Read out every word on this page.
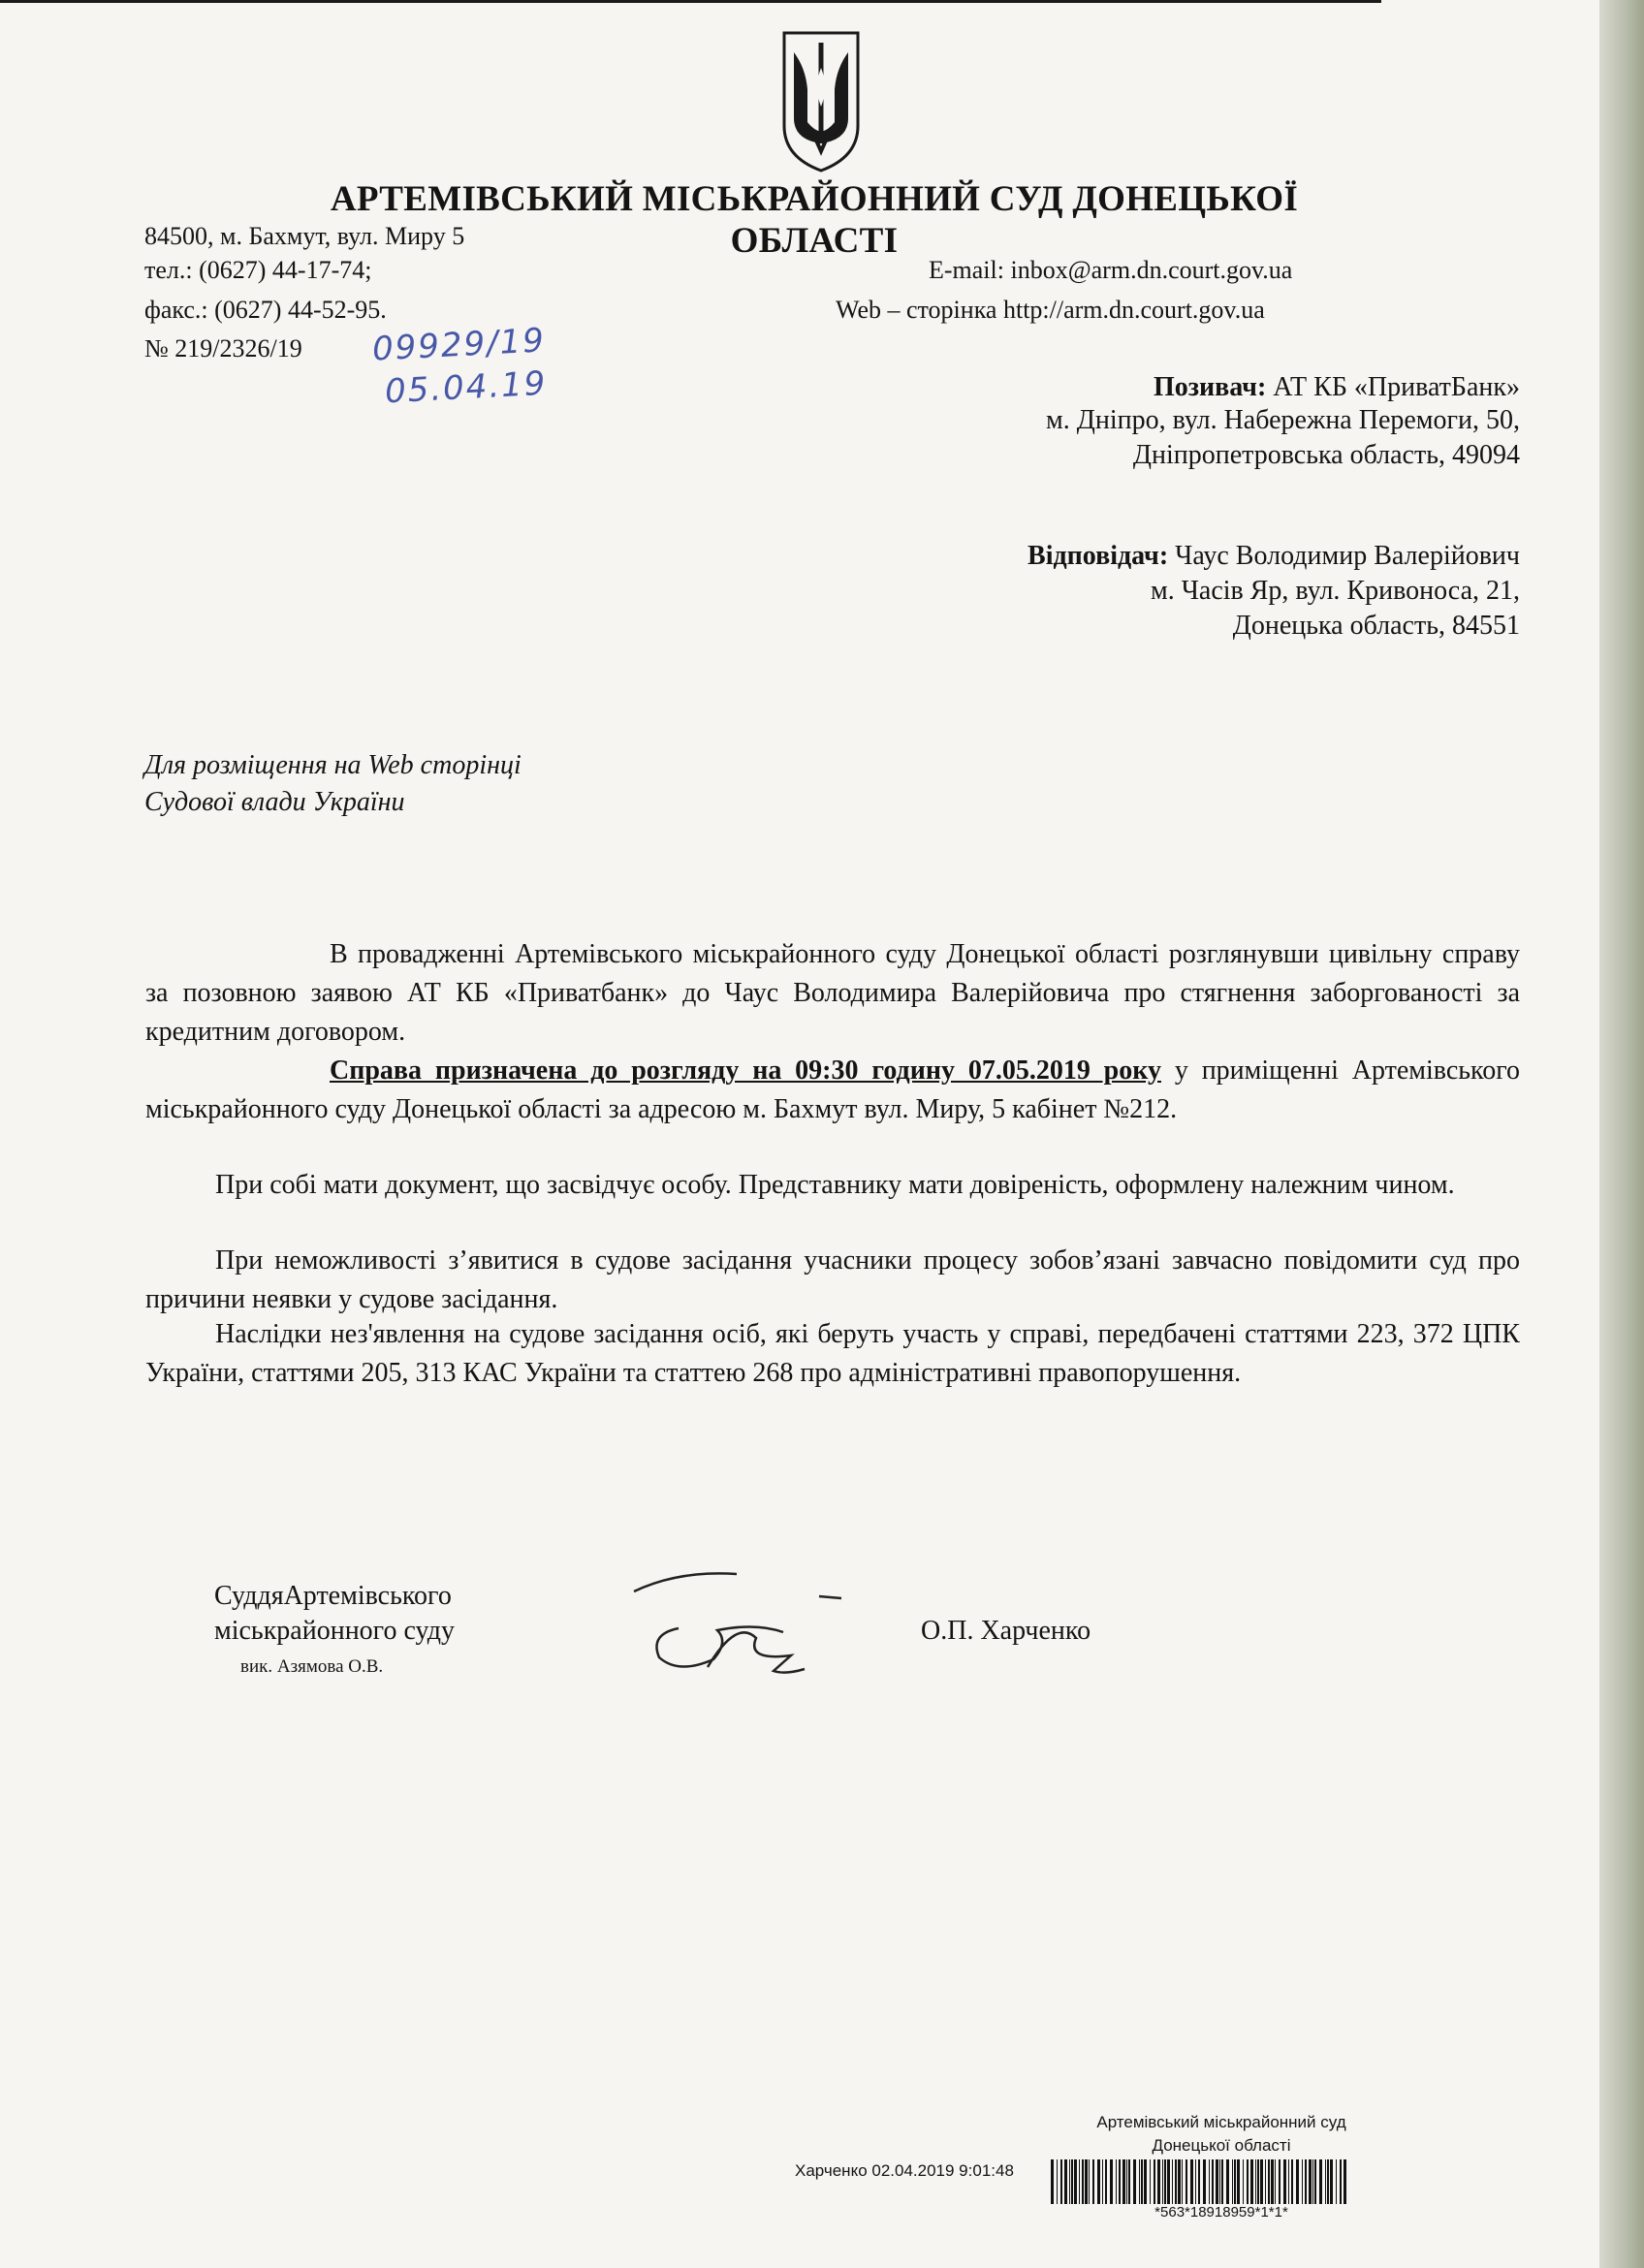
АРТЕМІВСЬКИЙ МІСЬКРАЙОННИЙ СУД ДОНЕЦЬКОЇ ОБЛАСТІ
84500, м. Бахмут, вул. Миру 5
тел.: (0627) 44-17-74;
факс.: (0627) 44-52-95.
E-mail: inbox@arm.dn.court.gov.ua
Web – сторінка http://arm.dn.court.gov.ua
№ 219/2326/19 09929/19
05.04.19	Позивач: АТ КБ «ПриватБанк»
м. Дніпро, вул. Набережна Перемоги, 50,
Дніпропетровська область, 49094
Відповідач: Чаус Володимир Валерійович
м. Часів Яр, вул. Кривоноса, 21,
Донецька область, 84551
Для розміщення на Web сторінці
Судової влади України

В провадженні Артемівського міськрайонного суду Донецької області розглянувши цивільну справу за позовною заявою АТ КБ «Приватбанк» до Чаус Володимира Валерійовича про стягнення заборгованості за кредитним договором.

Справа призначена до розгляду на 09:30 годину 07.05.2019 року у приміщенні Артемівського міськрайонного суду Донецької області за адресою м. Бахмут вул. Миру, 5 кабінет №212.

При собі мати документ, що засвідчує особу. Представнику мати довіреність, оформлену належним чином.

При неможливості з’явитися в судове засідання учасники процесу зобов’язані завчасно повідомити суд про причини неявки у судове засідання.

Наслідки нез'явлення на судове засідання осіб, які беруть участь у справі, передбачені статтями 223, 372 ЦПК України, статтями 205, 313 КАС України та статтею 268 про адміністративні правопорушення.

СуддяАртемівського
міськрайонного суду
вик. Азямова О.В.
О.П. Харченко
Артемівський міськрайонний суд
Донецької області
Харченко 02.04.2019 9:01:48
*563*18918959*1*1*
